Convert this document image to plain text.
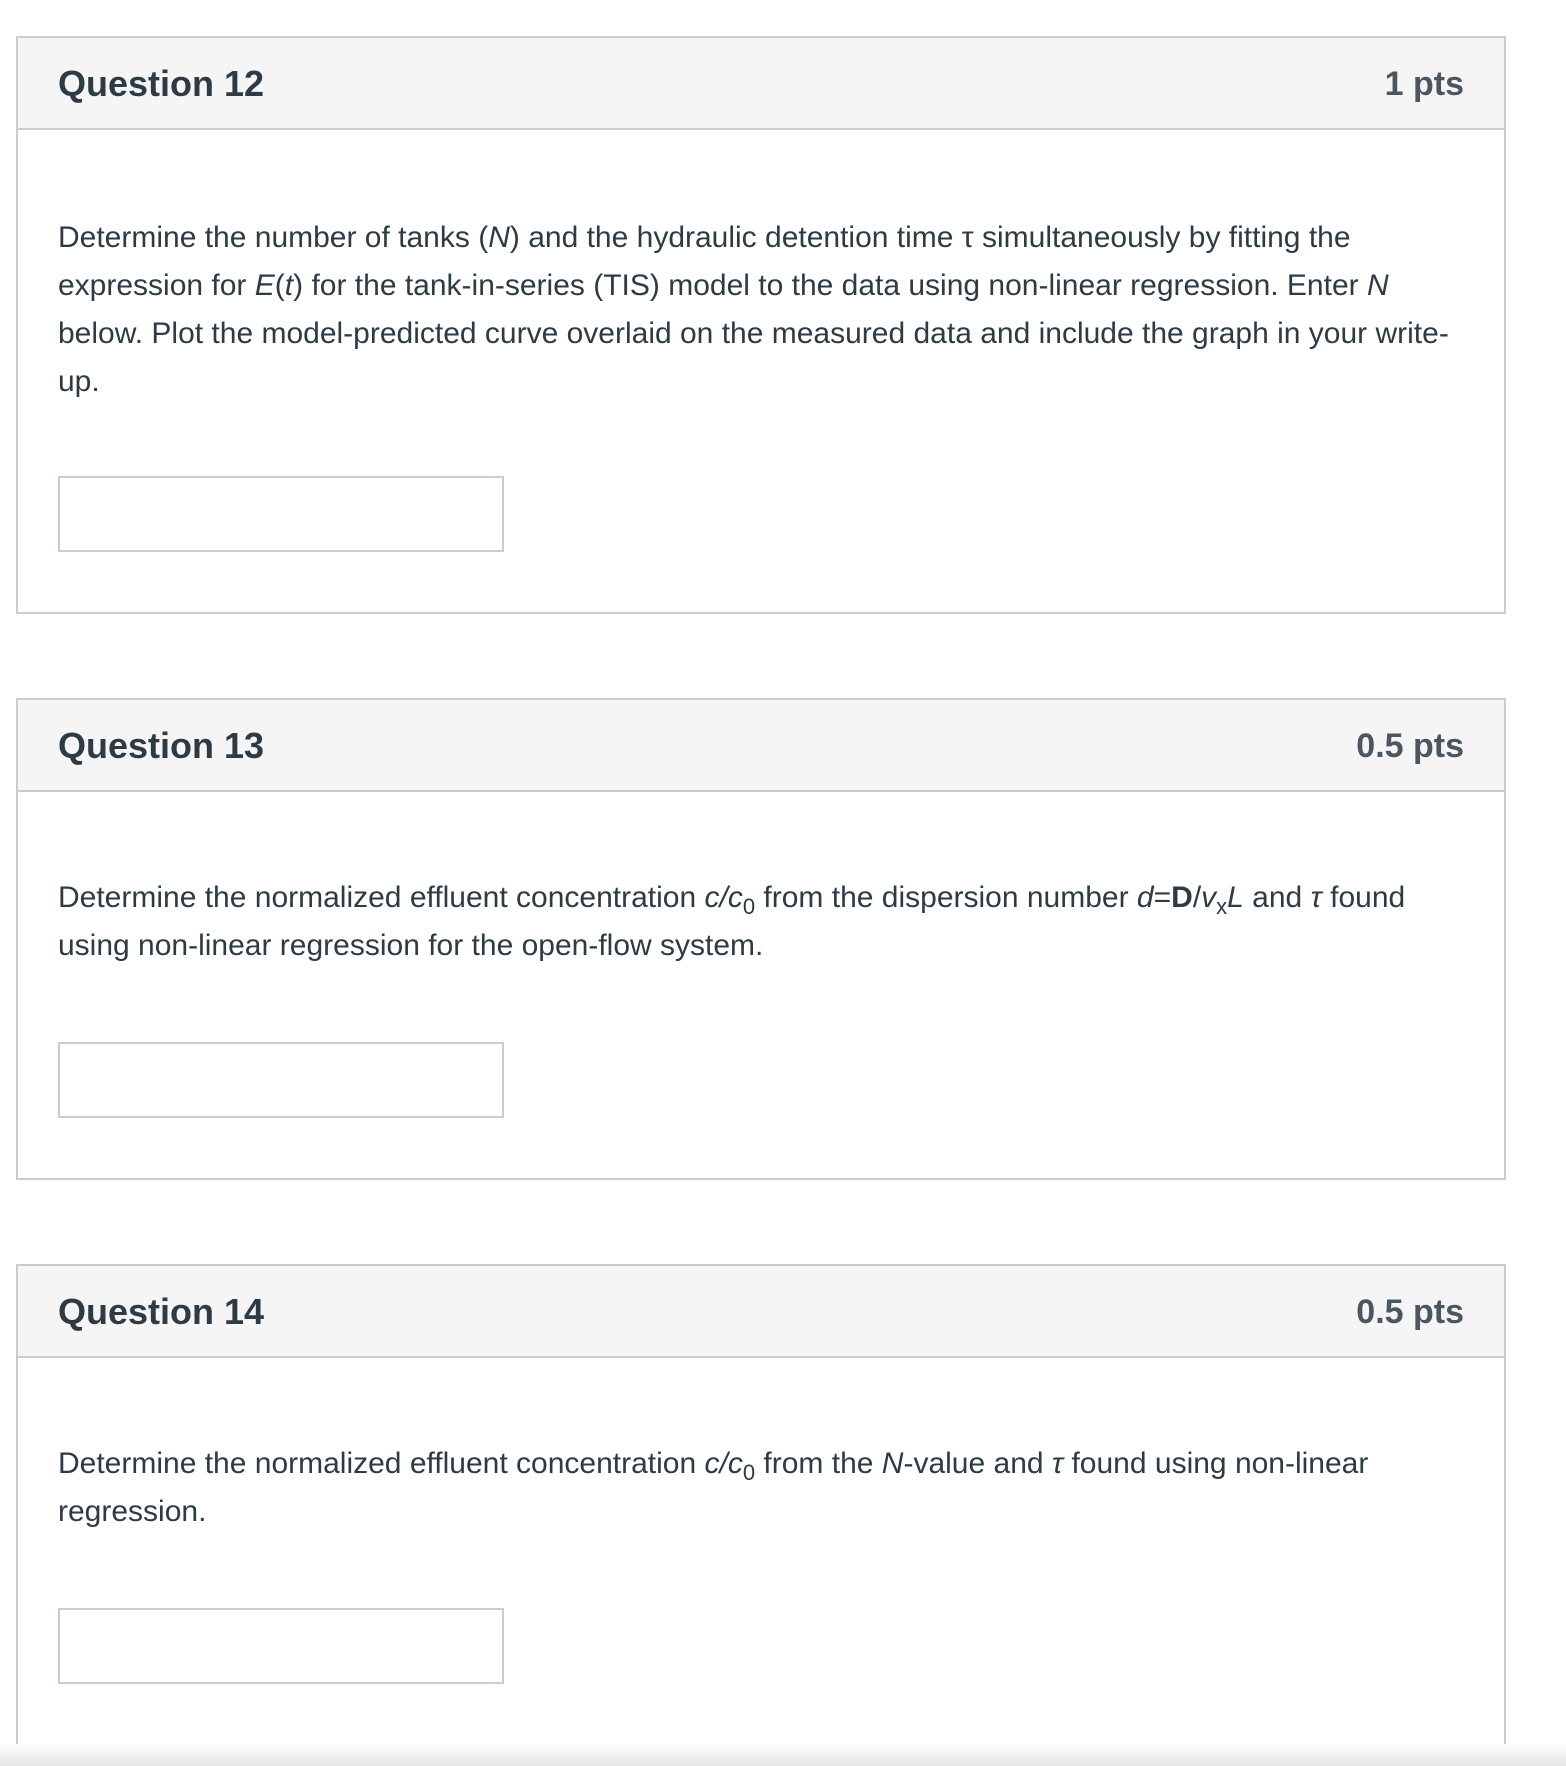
Question 12	1 pts
Determine the number of tanks (N) and the hydraulic detention time τ simultaneously by fitting the expression for E(t) for the tank-in-series (TIS) model to the data using non-linear regression. Enter N below. Plot the model-predicted curve overlaid on the measured data and include the graph in your write-up.
Question 13	0.5 pts
Determine the normalized effluent concentration $c/c_0$ from the dispersion number $d=D/v_xL$ and τ found using non-linear regression for the open-flow system.
Question 14	0.5 pts
Determine the normalized effluent concentration $c/c_0$ from the N-value and τ found using non-linear regression.
